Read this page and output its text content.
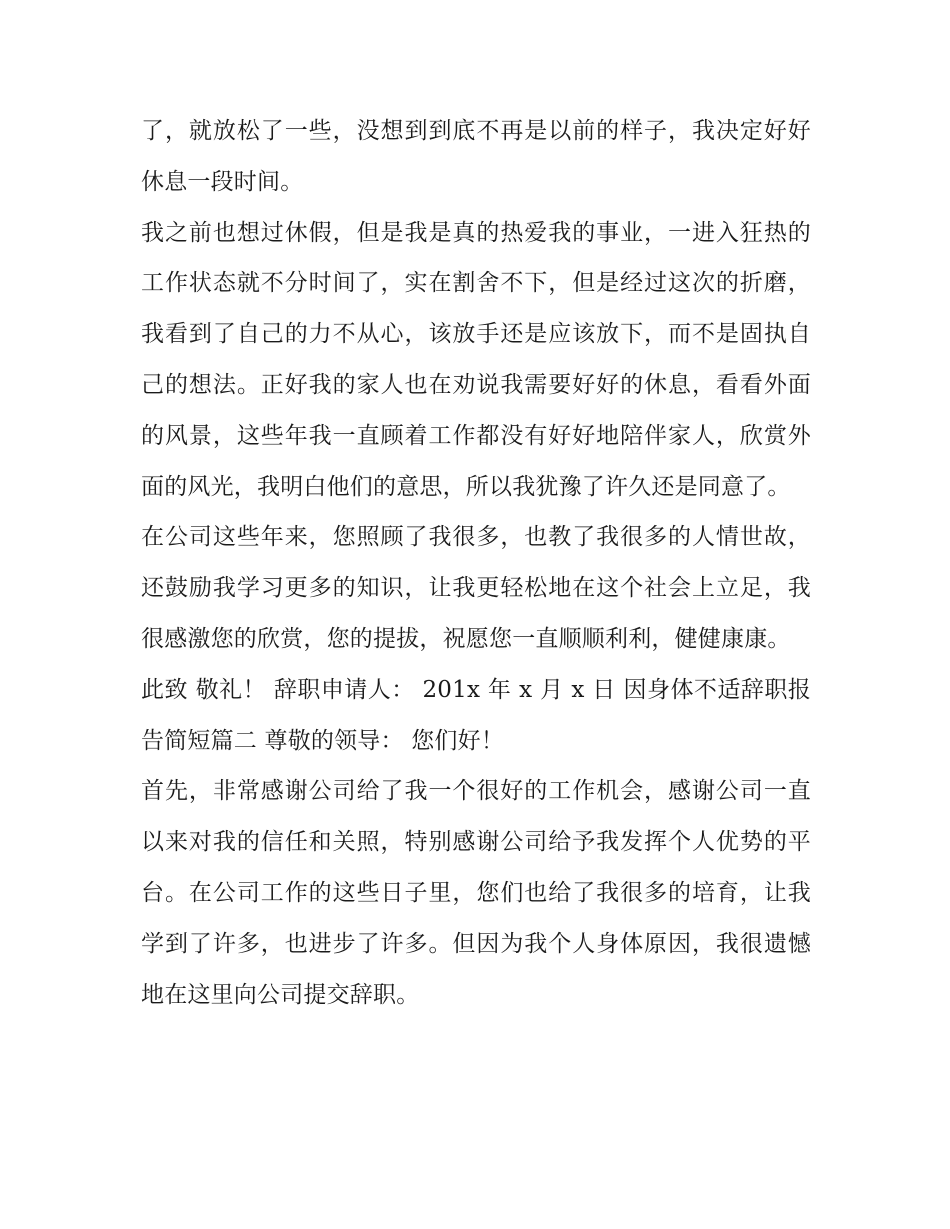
了，就放松了一些，没想到到底不再是以前的样子，我决定好好休息一段时间。

我之前也想过休假，但是我是真的热爱我的事业，一进入狂热的工作状态就不分时间了，实在割舍不下，但是经过这次的折磨，我看到了自己的力不从心，该放手还是应该放下，而不是固执自己的想法。正好我的家人也在劝说我需要好好的休息，看看外面的风景，这些年我一直顾着工作都没有好好地陪伴家人，欣赏外面的风光，我明白他们的意思，所以我犹豫了许久还是同意了。

在公司这些年来，您照顾了我很多，也教了我很多的人情世故，还鼓励我学习更多的知识，让我更轻松地在这个社会上立足，我很感激您的欣赏，您的提拔，祝愿您一直顺顺利利，健健康康。

此致 敬礼！ 辞职申请人： 201x 年 x 月 x 日 因身体不适辞职报告简短篇二 尊敬的领导： 您们好！

首先，非常感谢公司给了我一个很好的工作机会，感谢公司一直以来对我的信任和关照，特别感谢公司给予我发挥个人优势的平台。在公司工作的这些日子里，您们也给了我很多的培育，让我学到了许多，也进步了许多。但因为我个人身体原因，我很遗憾地在这里向公司提交辞职。
